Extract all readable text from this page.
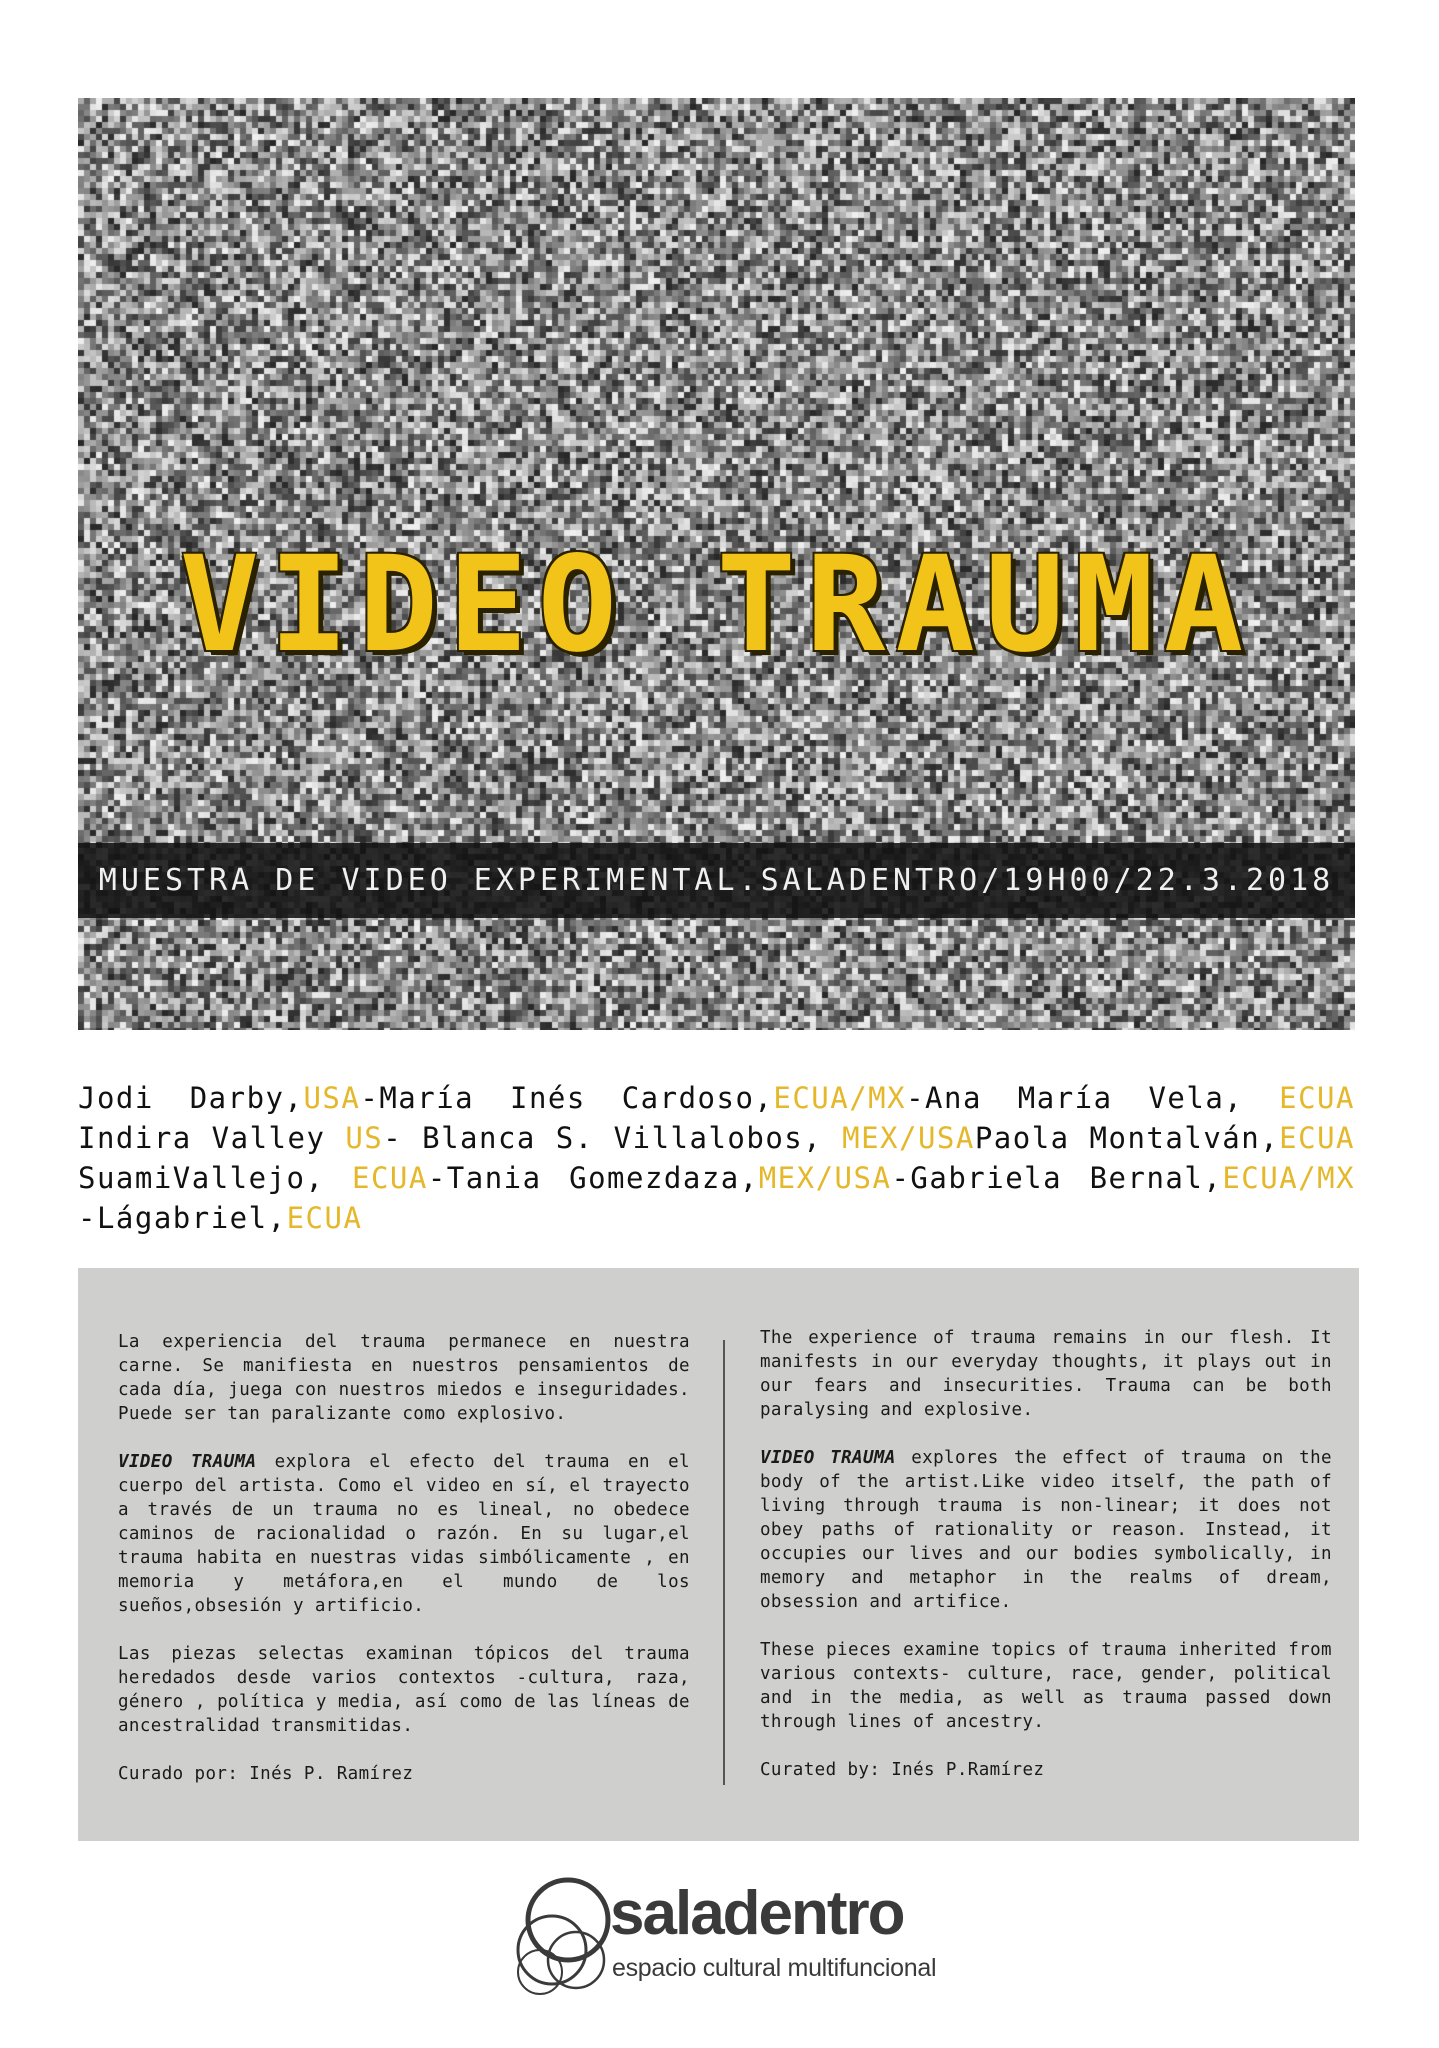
VIDEO TRAUMA
MUESTRA DE VIDEO EXPERIMENTAL.SALADENTRO/19H00/22.3.2018
Jodi Darby,USA-María Inés Cardoso,ECUA/MX-Ana María Vela, ECUA
Indira Valley US- Blanca S. Villalobos, MEX/USAPaola Montalván,ECUA
SuamiVallejo, ECUA-Tania Gomezdaza,MEX/USA-Gabriela Bernal,ECUA/MX
-Lágabriel,ECUA

La experiencia del trauma permanece en nuestra carne. Se manifiesta en nuestros pensamientos de cada día, juega con nuestros miedos e inseguridades. Puede ser tan paralizante como explosivo.

VIDEO TRAUMA explora el efecto del trauma en el cuerpo del artista. Como el video en sí, el trayecto a través de un trauma no es lineal, no obedece caminos de racionalidad o razón. En su lugar,el trauma habita en nuestras vidas simbólicamente , en memoria y metáfora,en el mundo de los sueños,obsesión y artificio.

Las piezas selectas examinan tópicos del trauma heredados desde varios contextos -cultura, raza, género , política y media, así como de las líneas de ancestralidad transmitidas.

Curado por: Inés P. Ramírez

The experience of trauma remains in our flesh. It manifests in our everyday thoughts, it plays out in our fears and insecurities. Trauma can be both paralysing and explosive.

VIDEO TRAUMA explores the effect of trauma on the body of the artist.Like video itself, the path of living through trauma is non-linear; it does not obey paths of rationality or reason. Instead, it occupies our lives and our bodies symbolically, in memory and metaphor in the realms of dream, obsession and artifice.

These pieces examine topics of trauma inherited from various contexts- culture, race, gender, political and in the media, as well as trauma passed down through lines of ancestry.

Curated by: Inés P.Ramírez

saladentro

espacio cultural multifuncional
